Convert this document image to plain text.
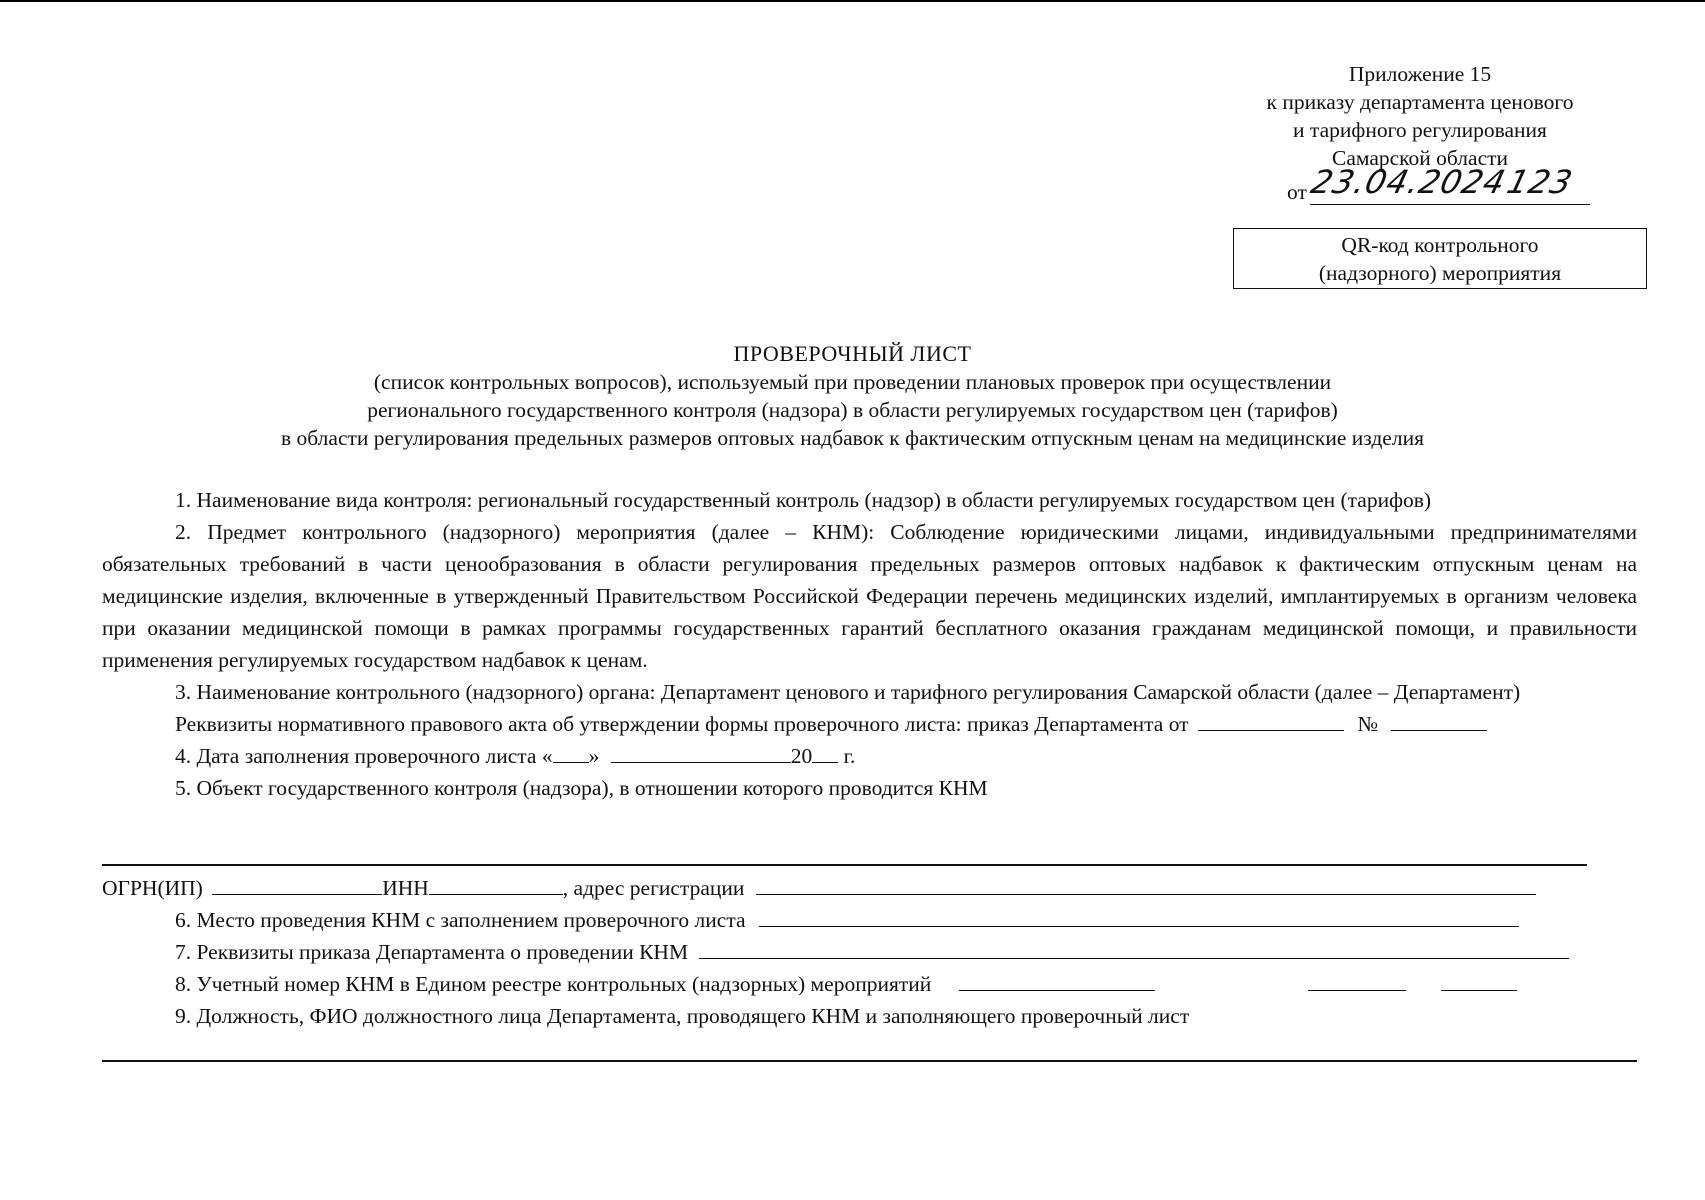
Приложение 15
к приказу департамента ценового
и тарифного регулирования
Самарской области
от 23.04.2024
123
QR-код контрольного
(надзорного) мероприятия
ПРОВЕРОЧНЫЙ ЛИСТ
(список контрольных вопросов), используемый при проведении плановых проверок при осуществлении
регионального государственного контроля (надзора) в области регулируемых государством цен (тарифов)
в области регулирования предельных размеров оптовых надбавок к фактическим отпускным ценам на медицинские изделия
1. Наименование вида контроля: региональный государственный контроль (надзор) в области регулируемых государством цен (тарифов)
2. Предмет контрольного (надзорного) мероприятия (далее – КНМ): Соблюдение юридическими лицами, индивидуальными предпринимателями обязательных требований в части ценообразования в области регулирования предельных размеров оптовых надбавок к фактическим отпускным ценам на медицинские изделия, включенные в утвержденный Правительством Российской Федерации перечень медицинских изделий, имплантируемых в организм человека при оказании медицинской помощи в рамках программы государственных гарантий бесплатного оказания гражданам медицинской помощи, и правильности применения регулируемых государством надбавок к ценам.
3. Наименование контрольного (надзорного) органа: Департамент ценового и тарифного регулирования Самарской области (далее – Департамент)
Реквизиты нормативного правового акта об утверждении формы проверочного листа: приказ Департамента от	№
4. Дата заполнения проверочного листа « »	20 г.
5. Объект государственного контроля (надзора), в отношении которого проводится КНМ
ОГРН(ИП)	ИНН	, адрес регистрации
6. Место проведения КНМ с заполнением проверочного листа
7. Реквизиты приказа Департамента о проведении КНМ
8. Учетный номер КНМ в Едином реестре контрольных (надзорных) мероприятий
9. Должность, ФИО должностного лица Департамента, проводящего КНМ и заполняющего проверочный лист
